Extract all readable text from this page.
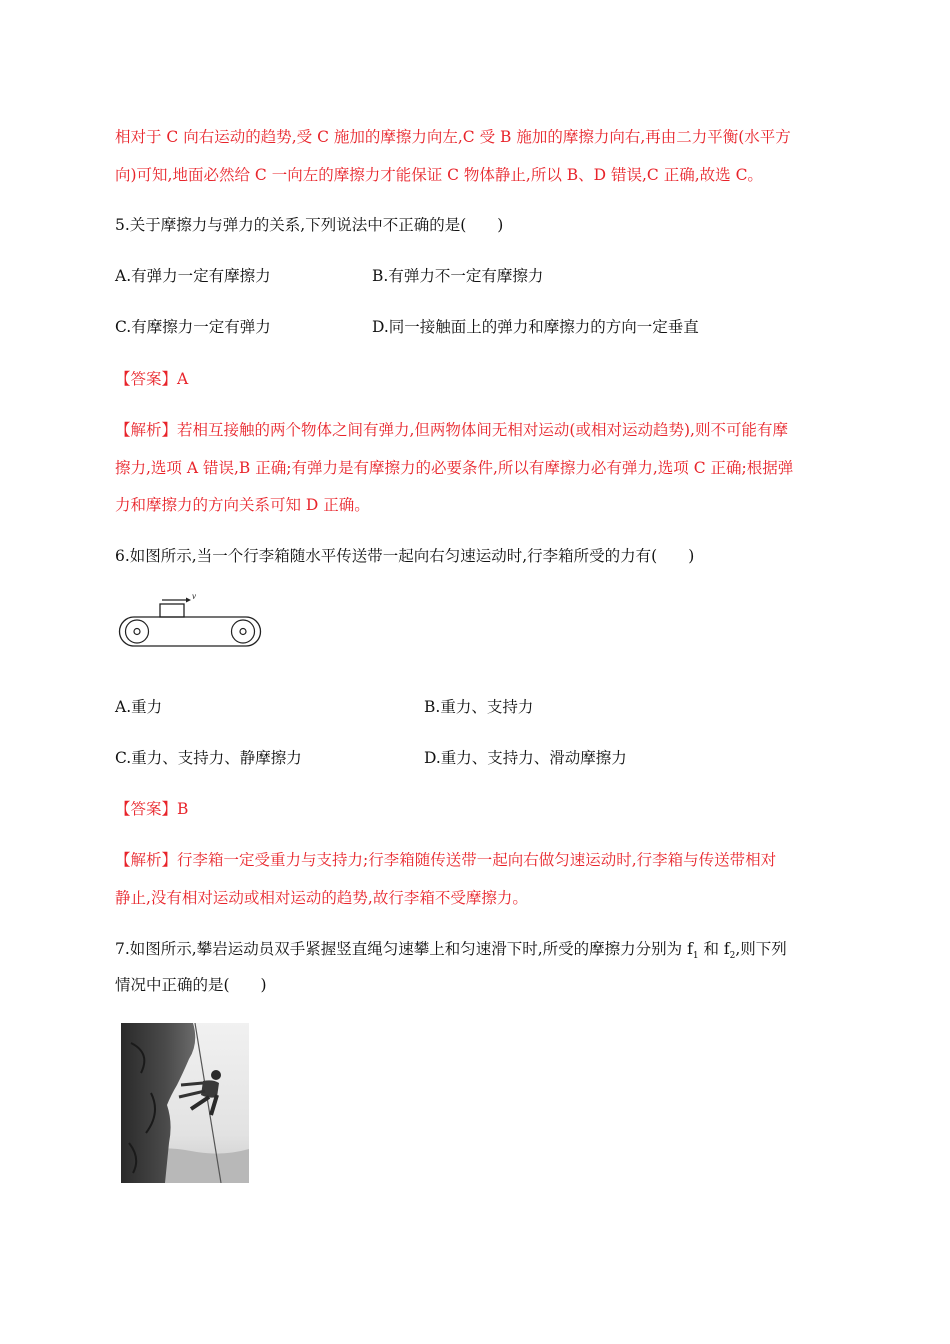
相对于 C 向右运动的趋势,受 C 施加的摩擦力向左,C 受 B 施加的摩擦力向右,再由二力平衡(水平方
向)可知,地面必然给 C 一向左的摩擦力才能保证 C 物体静止,所以 B、D 错误,C 正确,故选 C。
5.关于摩擦力与弹力的关系,下列说法中不正确的是(　　)
A.有弹力一定有摩擦力	B.有弹力不一定有摩擦力
C.有摩擦力一定有弹力	D.同一接触面上的弹力和摩擦力的方向一定垂直
【答案】A
【解析】若相互接触的两个物体之间有弹力,但两物体间无相对运动(或相对运动趋势),则不可能有摩
擦力,选项 A 错误,B 正确;有弹力是有摩擦力的必要条件,所以有摩擦力必有弹力,选项 C 正确;根据弹
力和摩擦力的方向关系可知 D 正确。
6.如图所示,当一个行李箱随水平传送带一起向右匀速运动时,行李箱所受的力有(　　)
v
A.重力	B.重力、支持力
C.重力、支持力、静摩擦力	D.重力、支持力、滑动摩擦力
【答案】B
【解析】行李箱一定受重力与支持力;行李箱随传送带一起向右做匀速运动时,行李箱与传送带相对
静止,没有相对运动或相对运动的趋势,故行李箱不受摩擦力。
7.如图所示,攀岩运动员双手紧握竖直绳匀速攀上和匀速滑下时,所受的摩擦力分别为 $f_1$ 和 $f_2$,则下列
情况中正确的是(　　)
